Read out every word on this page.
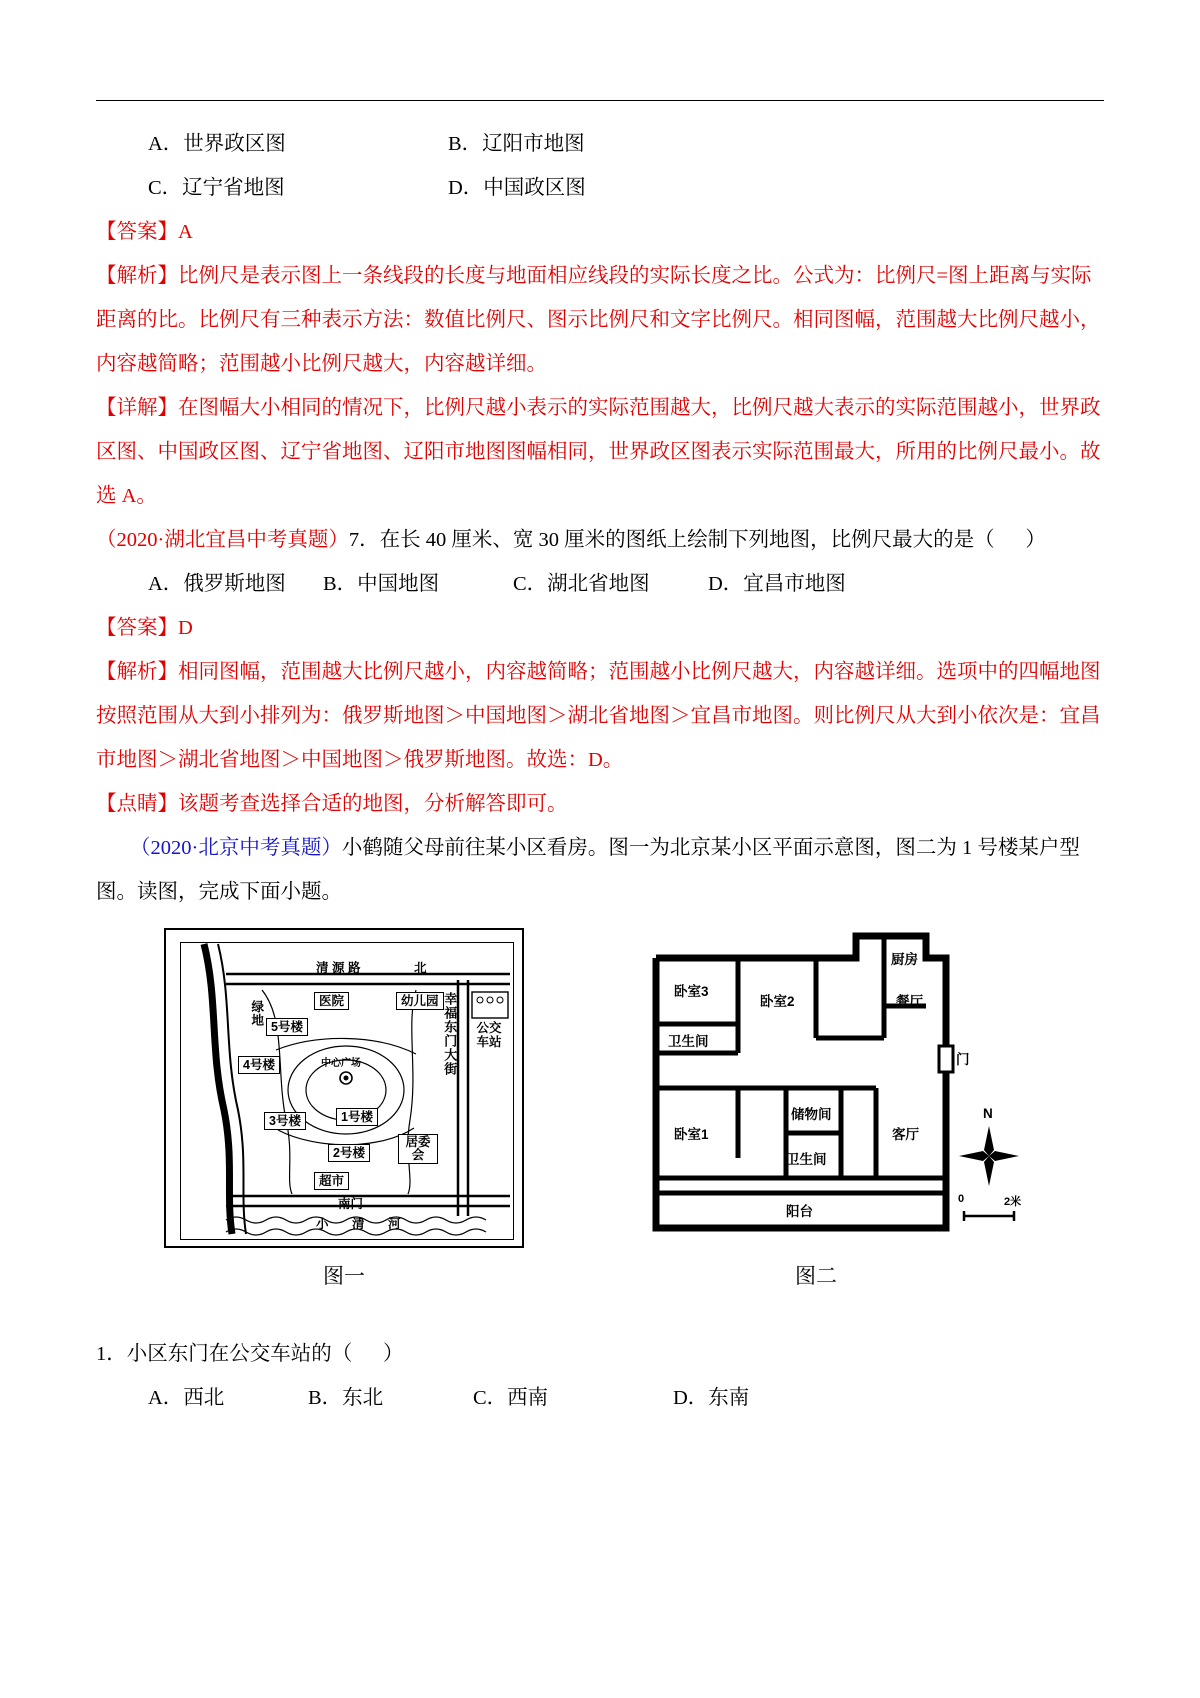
A．世界政区图	B．辽阳市地图
C．辽宁省地图	D．中国政区图
【答案】A
【解析】比例尺是表示图上一条线段的长度与地面相应线段的实际长度之比。公式为：比例尺=图上距离与实际距离的比。比例尺有三种表示方法：数值比例尺、图示比例尺和文字比例尺。相同图幅，范围越大比例尺越小，内容越简略；范围越小比例尺越大，内容越详细。
【详解】在图幅大小相同的情况下，比例尺越小表示的实际范围越大，比例尺越大表示的实际范围越小，世界政区图、中国政区图、辽宁省地图、辽阳市地图图幅相同，世界政区图表示实际范围最大，所用的比例尺最小。故选 A。
（2020·湖北宜昌中考真题）7．在长 40 厘米、宽 30 厘米的图纸上绘制下列地图，比例尺最大的是（      ）
A．俄罗斯地图	B．中国地图	C．湖北省地图	D．宜昌市地图
【答案】D
【解析】相同图幅，范围越大比例尺越小，内容越简略；范围越小比例尺越大，内容越详细。选项中的四幅地图按照范围从大到小排列为：俄罗斯地图＞中国地图＞湖北省地图＞宜昌市地图。则比例尺从大到小依次是：宜昌市地图＞湖北省地图＞中国地图＞俄罗斯地图。故选：D。
【点睛】该题考查选择合适的地图，分析解答即可。
（2020·北京中考真题）小鹤随父母前往某小区看房。图一为北京某小区平面示意图，图二为 1 号楼某户型图。读图，完成下面小题。
清 源 路	北
医院	幼儿园
公交车站
绿地 5号楼
4号楼
3号楼	1号楼
2号楼
中心广场	幸福东门大街
居委会
超市
南门
小 清 河
卧室3
卧室2
厨房
餐厅
卫生间
门
卧室1
储物间
客厅
卫生间
阳台
N
0	2米
图一	图二
1．小区东门在公交车站的（      ）
A．西北	B．东北	C．西南	D．东南
